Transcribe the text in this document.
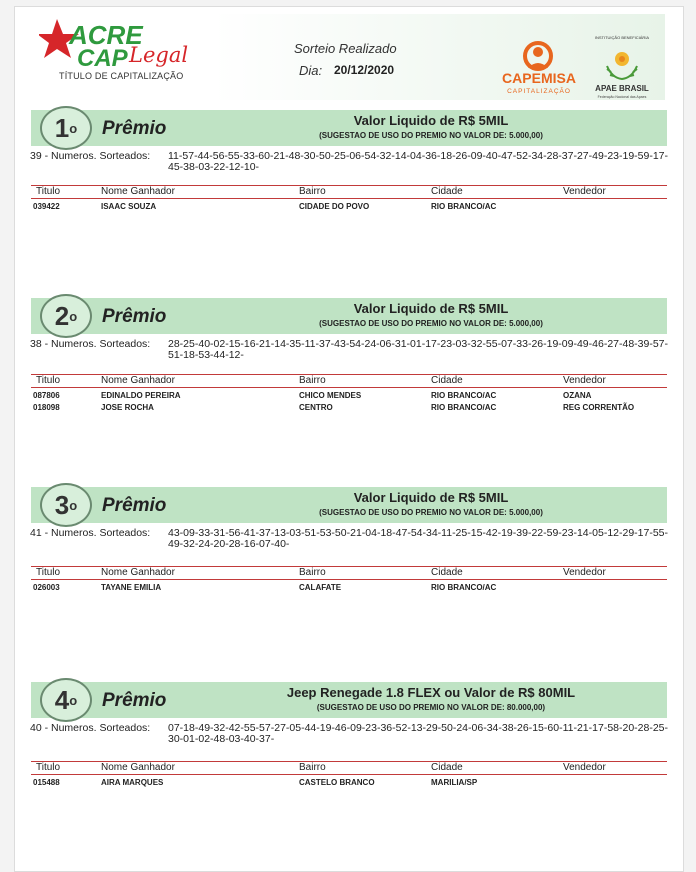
ACRE
CAP Legal
TÍTULO DE CAPITALIZAÇÃO
Sorteio Realizado
Dia: 20/12/2020	CAPEMISA
CAPITALIZAÇÃO
INSTITUIÇÃO BENEFICIÁRIA
APAE BRASIL
Federação Nacional das Apaes
1 o Prêmio	Valor Liquido de R$ 5MIL
(SUGESTAO DE USO DO PREMIO NO VALOR DE: 5.000,00)
39 - Numeros. Sorteados: 11-57-44-56-55-33-60-21-48-30-50-25-06-54-32-14-04-36-18-26-09-40-47-52-34-28-37-27-49-23-19-59-17-45-38-03-22-12-10-
Titulo	Nome Ganhador	Bairro	Cidade	Vendedor
039422	ISAAC SOUZA	CIDADE DO POVO	RIO BRANCO/AC
2 o Prêmio	Valor Liquido de R$ 5MIL
(SUGESTAO DE USO DO PREMIO NO VALOR DE: 5.000,00)
38 - Numeros. Sorteados: 28-25-40-02-15-16-21-14-35-11-37-43-54-24-06-31-01-17-23-03-32-55-07-33-26-19-09-49-46-27-48-39-57-51-18-53-44-12-
Titulo	Nome Ganhador	Bairro	Cidade	Vendedor
087806	EDINALDO PEREIRA	CHICO MENDES	RIO BRANCO/AC	OZANA
018098	JOSE ROCHA	CENTRO	RIO BRANCO/AC	REG CORRENTÃO
3 o Prêmio	Valor Liquido de R$ 5MIL
(SUGESTAO DE USO DO PREMIO NO VALOR DE: 5.000,00)
41 - Numeros. Sorteados: 43-09-33-31-56-41-37-13-03-51-53-50-21-04-18-47-54-34-11-25-15-42-19-39-22-59-23-14-05-12-29-17-55-49-32-24-20-28-16-07-40-
Titulo	Nome Ganhador	Bairro	Cidade	Vendedor
026003	TAYANE EMILIA	CALAFATE	RIO BRANCO/AC
4 o Prêmio	Jeep Renegade 1.8 FLEX ou Valor de R$ 80MIL
(SUGESTAO DE USO DO PREMIO NO VALOR DE: 80.000,00)
40 - Numeros. Sorteados: 07-18-49-32-42-55-57-27-05-44-19-46-09-23-36-52-13-29-50-24-06-34-38-26-15-60-11-21-17-58-20-28-25-30-01-02-48-03-40-37-
Titulo	Nome Ganhador	Bairro	Cidade	Vendedor
015488	AIRA MARQUES	CASTELO BRANCO	MARILIA/SP
